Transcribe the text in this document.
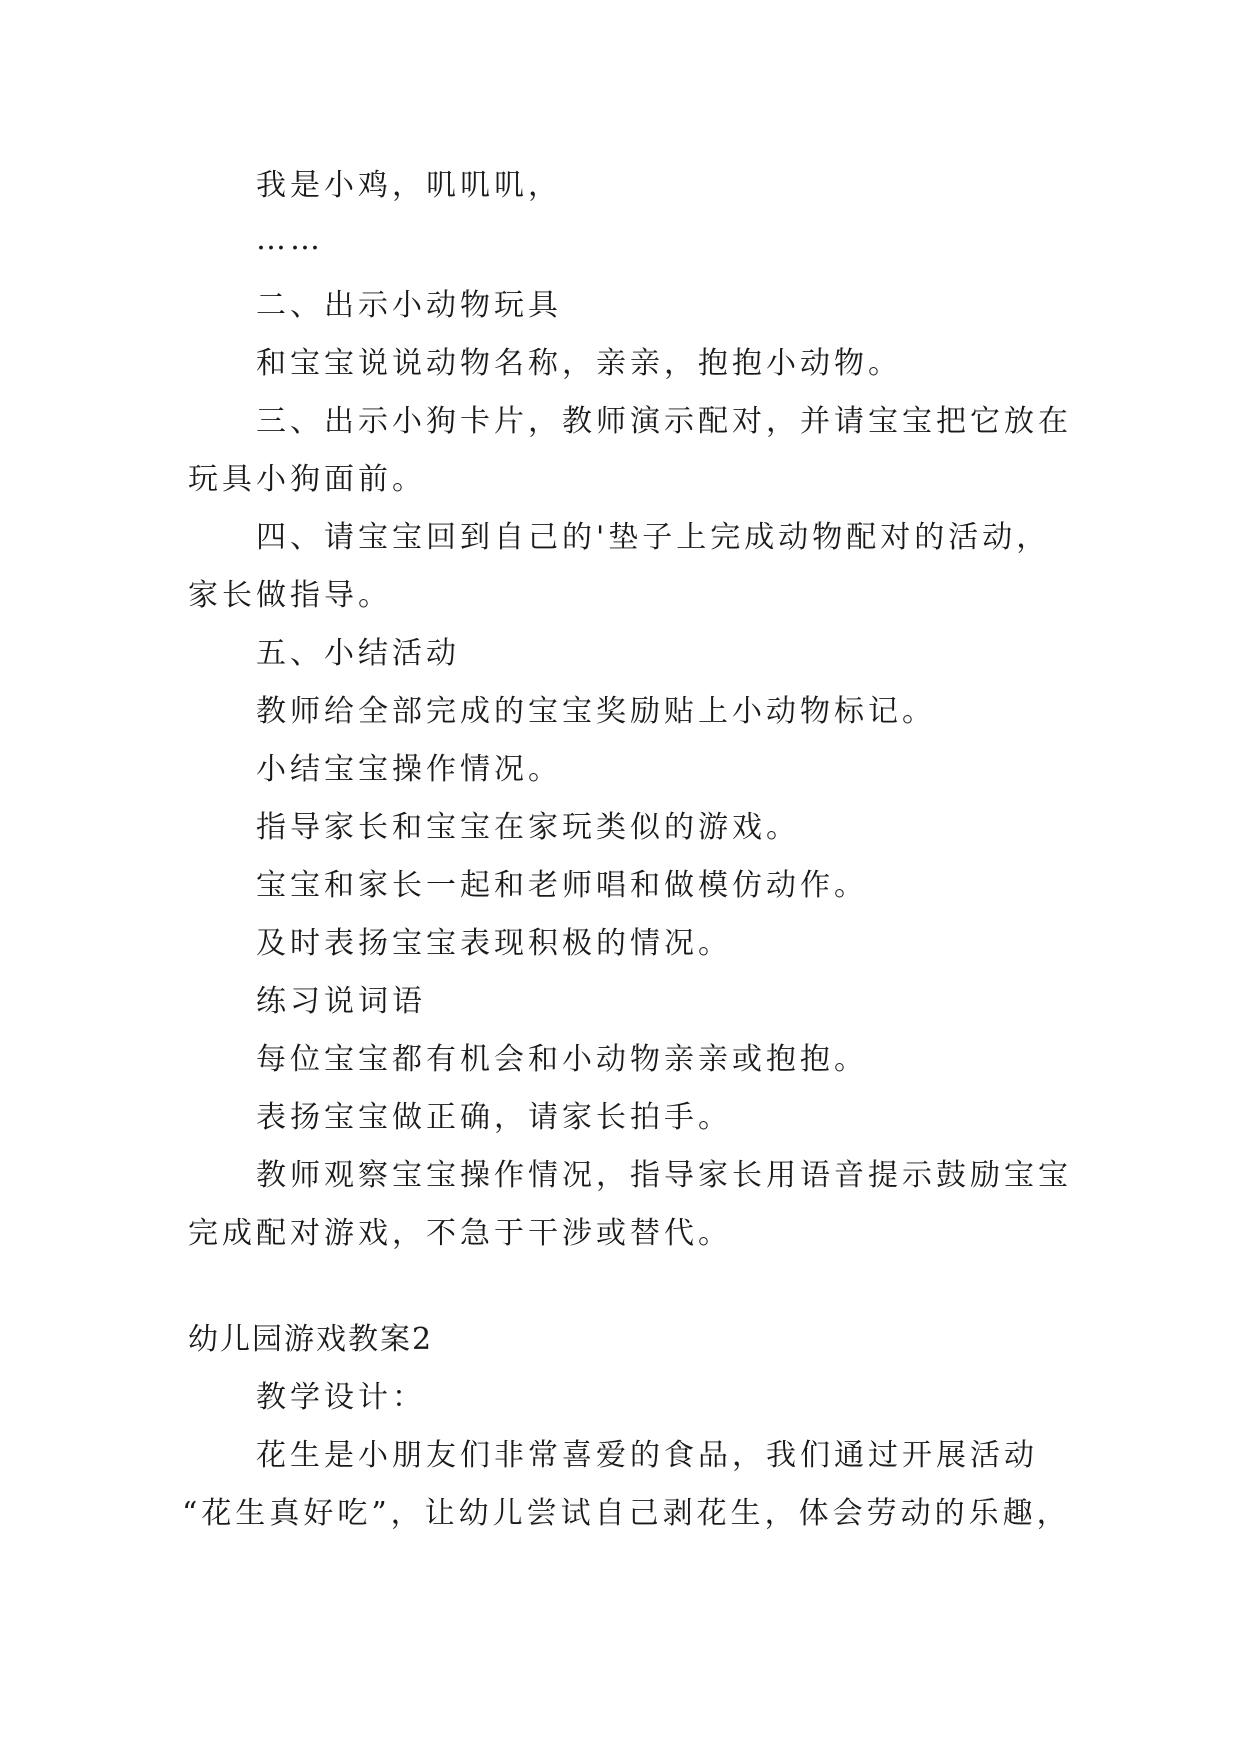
我是小鸡，叽叽叽，
……
二、出示小动物玩具
和宝宝说说动物名称，亲亲，抱抱小动物。
三、出示小狗卡片，教师演示配对，并请宝宝把它放在
玩具小狗面前。
四、请宝宝回到自己的'垫子上完成动物配对的活动，
家长做指导。
五、小结活动
教师给全部完成的宝宝奖励贴上小动物标记。
小结宝宝操作情况。
指导家长和宝宝在家玩类似的游戏。
宝宝和家长一起和老师唱和做模仿动作。
及时表扬宝宝表现积极的情况。
练习说词语
每位宝宝都有机会和小动物亲亲或抱抱。
表扬宝宝做正确，请家长拍手。
教师观察宝宝操作情况，指导家长用语音提示鼓励宝宝
完成配对游戏，不急于干涉或替代。
幼儿园游戏教案2
教学设计：
花生是小朋友们非常喜爱的食品，我们通过开展活动
“花生真好吃”，让幼儿尝试自己剥花生，体会劳动的乐趣，
